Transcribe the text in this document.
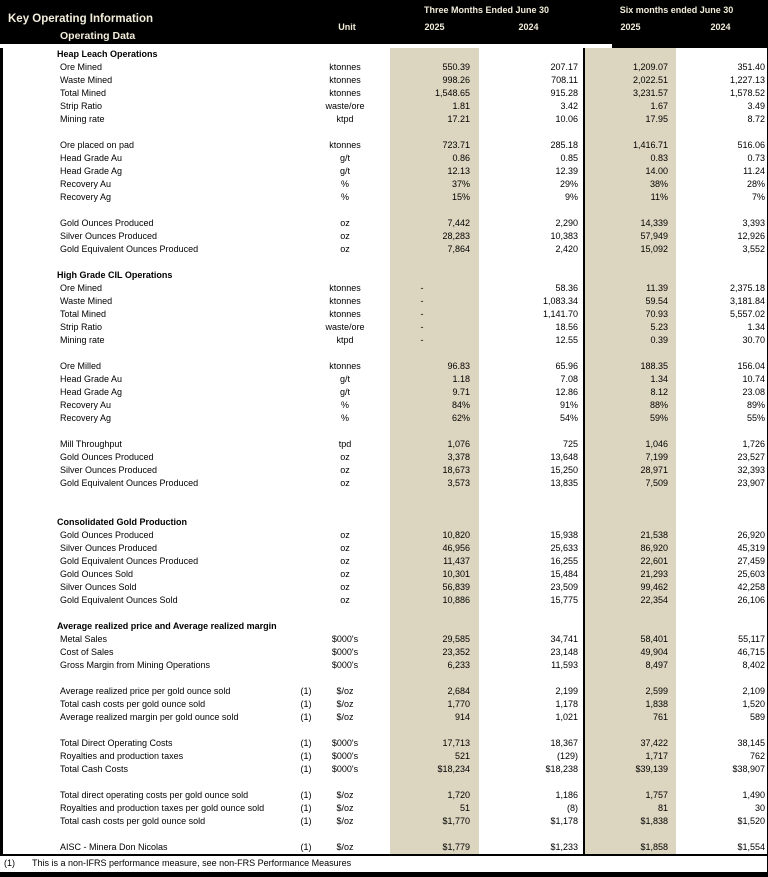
Key Operating Information
Operating Data
Unit
Three Months Ended June 30	Six months ended June 30
2025	2024	2025	2024
Heap Leach Operations
Ore Mined	ktonnes	550.39	207.17	1,209.07	351.40
Waste Mined	ktonnes	998.26	708.11	2,022.51	1,227.13
Total Mined	ktonnes	1,548.65	915.28	3,231.57	1,578.52
Strip Ratio	waste/ore	1.81	3.42	1.67	3.49
Mining rate	ktpd	17.21	10.06	17.95	8.72
Ore placed on pad	ktonnes	723.71	285.18	1,416.71	516.06
Head Grade Au	g/t	0.86	0.85	0.83	0.73
Head Grade Ag	g/t	12.13	12.39	14.00	11.24
Recovery Au	%	37%	29%	38%	28%
Recovery Ag	%	15%	9%	11%	7%
Gold Ounces Produced	oz	7,442	2,290	14,339	3,393
Silver Ounces Produced	oz	28,283	10,383	57,949	12,926
Gold Equivalent Ounces Produced	oz	7,864	2,420	15,092	3,552
High Grade CIL Operations
Ore Mined	ktonnes	-	58.36	11.39	2,375.18
Waste Mined	ktonnes	-	1,083.34	59.54	3,181.84
Total Mined	ktonnes	-	1,141.70	70.93	5,557.02
Strip Ratio	waste/ore	-	18.56	5.23	1.34
Mining rate	ktpd	-	12.55	0.39	30.70
Ore Milled	ktonnes	96.83	65.96	188.35	156.04
Head Grade Au	g/t	1.18	7.08	1.34	10.74
Head Grade Ag	g/t	9.71	12.86	8.12	23.08
Recovery Au	%	84%	91%	88%	89%
Recovery Ag	%	62%	54%	59%	55%
Mill Throughput	tpd	1,076	725	1,046	1,726
Gold Ounces Produced	oz	3,378	13,648	7,199	23,527
Silver Ounces Produced	oz	18,673	15,250	28,971	32,393
Gold Equivalent Ounces Produced	oz	3,573	13,835	7,509	23,907
Consolidated Gold Production
Gold Ounces Produced	oz	10,820	15,938	21,538	26,920
Silver Ounces Produced	oz	46,956	25,633	86,920	45,319
Gold Equivalent Ounces Produced	oz	11,437	16,255	22,601	27,459
Gold Ounces Sold	oz	10,301	15,484	21,293	25,603
Silver Ounces Sold	oz	56,839	23,509	99,462	42,258
Gold Equivalent Ounces Sold	oz	10,886	15,775	22,354	26,106
Average realized price and Average realized margin
Metal Sales	$000's	29,585	34,741	58,401	55,117
Cost of Sales	$000's	23,352	23,148	49,904	46,715
Gross Margin from Mining Operations	$000's	6,233	11,593	8,497	8,402
Average realized price per gold ounce sold	(1)	$/oz	2,684	2,199	2,599	2,109
Total cash costs per gold ounce sold	(1)	$/oz	1,770	1,178	1,838	1,520
Average realized margin per gold ounce sold	(1)	$/oz	914	1,021	761	589
Total Direct Operating Costs	(1)	$000's	17,713	18,367	37,422	38,145
Royalties and production taxes	(1)	$000's	521	(129)	1,717	762
Total Cash Costs	(1)	$000's	$18,234	$18,238	$39,139	$38,907
Total direct operating costs per gold ounce sold	(1)	$/oz	1,720	1,186	1,757	1,490
Royalties and production taxes per gold ounce sold	(1)	$/oz	51	(8)	81	30
Total cash costs per gold ounce sold	(1)	$/oz	$1,770	$1,178	$1,838	$1,520
AISC - Minera Don Nicolas	(1)	$/oz	$1,779	$1,233	$1,858	$1,554
(1) This is a non-IFRS performance measure, see non-FRS Performance Measures
